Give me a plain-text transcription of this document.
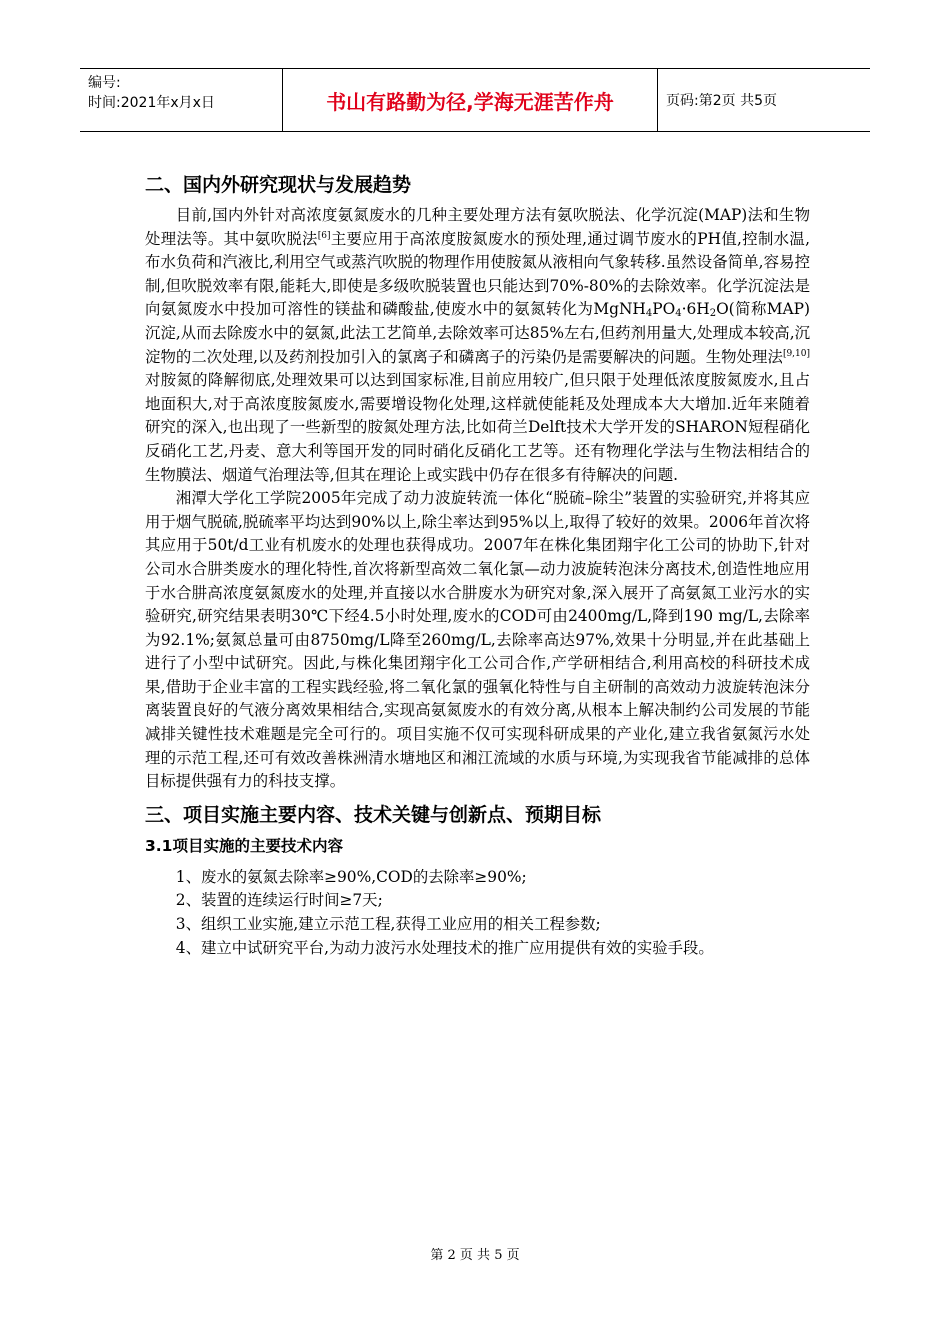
编号:
时间:2021年x月x日	书山有路勤为径,学海无涯苦作舟	页码:第2页 共5页
二、国内外研究现状与发展趋势

目前,国内外针对高浓度氨氮废水的几种主要处理方法有氨吹脱法、化学沉淀(MAP)法和生物处理法等。其中氨吹脱法[6]主要应用于高浓度胺氮废水的预处理,通过调节废水的PH值,控制水温,布水负荷和汽液比,利用空气或蒸汽吹脱的物理作用使胺氮从液相向气象转移.虽然设备简单,容易控制,但吹脱效率有限,能耗大,即使是多级吹脱装置也只能达到70%-80%的去除效率。化学沉淀法是向氨氮废水中投加可溶性的镁盐和磷酸盐,使废水中的氨氮转化为$MgNH_4PO_4\cdot 6H_2O$(简称MAP)沉淀,从而去除废水中的氨氮,此法工艺简单,去除效率可达85%左右,但药剂用量大,处理成本较高,沉淀物的二次处理,以及药剂投加引入的氯离子和磷离子的污染仍是需要解决的问题。生物处理法[9,10]对胺氮的降解彻底,处理效果可以达到国家标准,目前应用较广,但只限于处理低浓度胺氮废水,且占地面积大,对于高浓度胺氮废水,需要增设物化处理,这样就使能耗及处理成本大大增加.近年来随着研究的深入,也出现了一些新型的胺氮处理方法,比如荷兰Delft技术大学开发的SHARON短程硝化反硝化工艺,丹麦、意大利等国开发的同时硝化反硝化工艺等。还有物理化学法与生物法相结合的生物膜法、烟道气治理法等,但其在理论上或实践中仍存在很多有待解决的问题.

湘潭大学化工学院2005年完成了动力波旋转流一体化“脱硫–除尘”装置的实验研究,并将其应用于烟气脱硫,脱硫率平均达到90%以上,除尘率达到95%以上,取得了较好的效果。2006年首次将其应用于50t/d工业有机废水的处理也获得成功。2007年在株化集团翔宇化工公司的协助下,针对公司水合肼类废水的理化特性,首次将新型高效二氧化氯—动力波旋转泡沫分离技术,创造性地应用于水合肼高浓度氨氮废水的处理,并直接以水合肼废水为研究对象,深入展开了高氨氮工业污水的实验研究,研究结果表明30℃下经4.5小时处理,废水的COD可由2400mg/L,降到190 mg/L,去除率为92.1%;氨氮总量可由8750mg/L降至260mg/L,去除率高达97%,效果十分明显,并在此基础上进行了小型中试研究。因此,与株化集团翔宇化工公司合作,产学研相结合,利用高校的科研技术成果,借助于企业丰富的工程实践经验,将二氧化氯的强氧化特性与自主研制的高效动力波旋转泡沫分离装置良好的气液分离效果相结合,实现高氨氮废水的有效分离,从根本上解决制约公司发展的节能减排关键性技术难题是完全可行的。项目实施不仅可实现科研成果的产业化,建立我省氨氮污水处理的示范工程,还可有效改善株洲清水塘地区和湘江流域的水质与环境,为实现我省节能减排的总体目标提供强有力的科技支撑。

三、项目实施主要内容、技术关键与创新点、预期目标
3.1项目实施的主要技术内容

1、废水的氨氮去除率≥90%,COD的去除率≥90%;

2、装置的连续运行时间≥7天;

3、组织工业实施,建立示范工程,获得工业应用的相关工程参数;

4、建立中试研究平台,为动力波污水处理技术的推广应用提供有效的实验手段。

第 2 页 共 5 页
